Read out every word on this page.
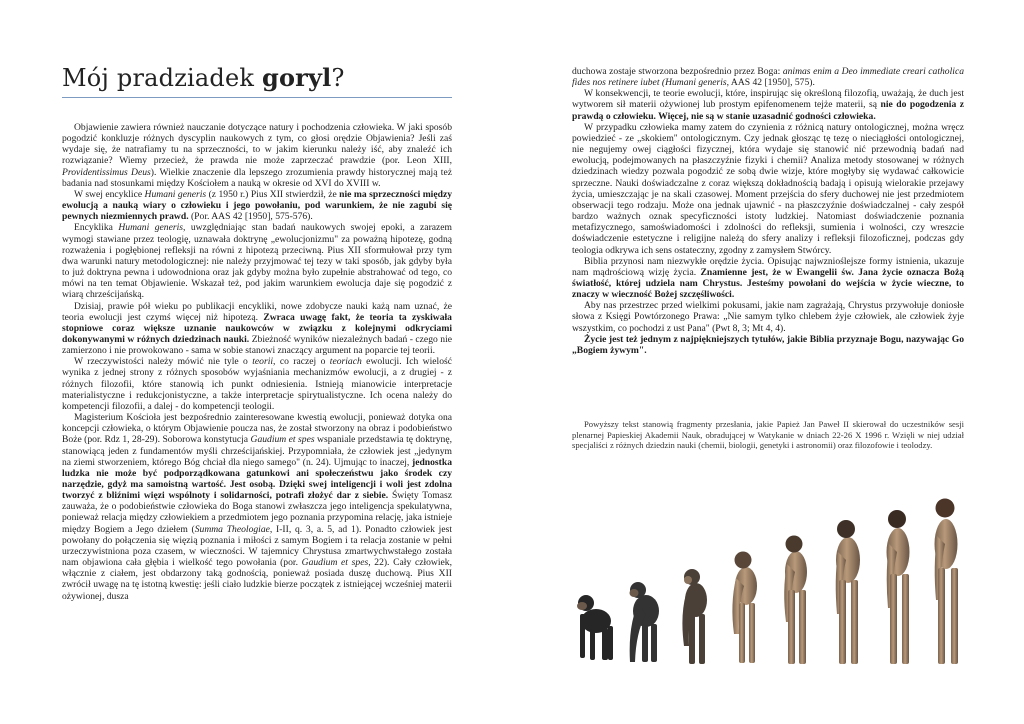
Mój pradziadek goryl?

Objawienie zawiera również nauczanie dotyczące natury i pochodzenia człowieka. W jaki sposób pogodzić konkluzje różnych dyscyplin naukowych z tym, co głosi orędzie Objawienia? Jeśli zaś wydaje się, że natrafiamy tu na sprzeczności, to w jakim kierunku należy iść, aby znaleźć ich rozwiązanie? Wiemy przecież, że prawda nie może zaprzeczać prawdzie (por. Leon XIII, Providentissimus Deus). Wielkie znaczenie dla lepszego zrozumienia prawdy historycznej mają też badania nad stosunkami między Kościołem a nauką w okresie od XVI do XVIII w.

W swej encyklice Humani generis (z 1950 r.) Pius XII stwierdził, że nie ma sprzeczności między ewolucją a nauką wiary o człowieku i jego powołaniu, pod warunkiem, że nie zagubi się pewnych niezmiennych prawd. (Por. AAS 42 [1950], 575-576).

Encyklika Humani generis, uwzględniając stan badań naukowych swojej epoki, a zarazem wymogi stawiane przez teologię, uznawała doktrynę „ewolucjonizmu" za poważną hipotezę, godną rozważenia i pogłębionej refleksji na równi z hipotezą przeciwną. Pius XII sformułował przy tym dwa warunki natury metodologicznej: nie należy przyjmować tej tezy w taki sposób, jak gdyby była to już doktryna pewna i udowodniona oraz jak gdyby można było zupełnie abstrahować od tego, co mówi na ten temat Objawienie. Wskazał też, pod jakim warunkiem ewolucja daje się pogodzić z wiarą chrześcijańską.

Dzisiaj, prawie pół wieku po publikacji encykliki, nowe zdobycze nauki każą nam uznać, że teoria ewolucji jest czymś więcej niż hipotezą. Zwraca uwagę fakt, że teoria ta zyskiwała stopniowe coraz większe uznanie naukowców w związku z kolejnymi odkryciami dokonywanymi w różnych dziedzinach nauki. Zbieżność wyników niezależnych badań - czego nie zamierzono i nie prowokowano - sama w sobie stanowi znaczący argument na poparcie tej teorii.

W rzeczywistości należy mówić nie tyle o teorii, co raczej o teoriach ewolucji. Ich wielość wynika z jednej strony z różnych sposobów wyjaśniania mechanizmów ewolucji, a z drugiej - z różnych filozofii, które stanowią ich punkt odniesienia. Istnieją mianowicie interpretacje materialistyczne i redukcjonistyczne, a także interpretacje spirytualistyczne. Ich ocena należy do kompetencji filozofii, a dalej - do kompetencji teologii.

Magisterium Kościoła jest bezpośrednio zainteresowane kwestią ewolucji, ponieważ dotyka ona koncepcji człowieka, o którym Objawienie poucza nas, że został stworzony na obraz i podobieństwo Boże (por. Rdz 1, 28-29). Soborowa konstytucja Gaudium et spes wspaniale przedstawia tę doktrynę, stanowiącą jeden z fundamentów myśli chrześcijańskiej. Przypomniała, że człowiek jest „jedynym na ziemi stworzeniem, którego Bóg chciał dla niego samego" (n. 24). Ujmując to inaczej, jednostka ludzka nie może być podporządkowana gatunkowi ani społeczeństwu jako środek czy narzędzie, gdyż ma samoistną wartość. Jest osobą. Dzięki swej inteligencji i woli jest zdolna tworzyć z bliźnimi więzi wspólnoty i solidarności, potrafi złożyć dar z siebie. Święty Tomasz zauważa, że o podobieństwie człowieka do Boga stanowi zwłaszcza jego inteligencja spekulatywna, ponieważ relacja między człowiekiem a przedmiotem jego poznania przypomina relację, jaka istnieje między Bogiem a Jego dziełem (Summa Theologiae, I-II, q. 3, a. 5, ad 1). Ponadto człowiek jest powołany do połączenia się więzią poznania i miłości z samym Bogiem i ta relacja zostanie w pełni urzeczywistniona poza czasem, w wieczności. W tajemnicy Chrystusa zmartwychwstałego została nam objawiona cała głębia i wielkość tego powołania (por. Gaudium et spes, 22). Cały człowiek, włącznie z ciałem, jest obdarzony taką godnością, ponieważ posiada duszę duchową. Pius XII zwrócił uwagę na tę istotną kwestię: jeśli ciało ludzkie bierze początek z istniejącej wcześniej materii ożywionej, dusza

duchowa zostaje stworzona bezpośrednio przez Boga: animas enim a Deo immediate creari catholica fides nos retinere iubet (Humani generis, AAS 42 [1950], 575).

W konsekwencji, te teorie ewolucji, które, inspirując się określoną filozofią, uważają, że duch jest wytworem sił materii ożywionej lub prostym epifenomenem tejże materii, są nie do pogodzenia z prawdą o człowieku. Więcej, nie są w stanie uzasadnić godności człowieka.

W przypadku człowieka mamy zatem do czynienia z różnicą natury ontologicznej, można wręcz powiedzieć - ze „skokiem" ontologicznym. Czy jednak głosząc tę tezę o nieciągłości ontologicznej, nie negujemy owej ciągłości fizycznej, która wydaje się stanowić nić przewodnią badań nad ewolucją, podejmowanych na płaszczyźnie fizyki i chemii? Analiza metody stosowanej w różnych dziedzinach wiedzy pozwala pogodzić ze sobą dwie wizje, które mogłyby się wydawać całkowicie sprzeczne. Nauki doświadczalne z coraz większą dokładnością badają i opisują wielorakie przejawy życia, umieszczając je na skali czasowej. Moment przejścia do sfery duchowej nie jest przedmiotem obserwacji tego rodzaju. Może ona jednak ujawnić - na płaszczyźnie doświadczalnej - cały zespół bardzo ważnych oznak specyficzności istoty ludzkiej. Natomiast doświadczenie poznania metafizycznego, samoświadomości i zdolności do refleksji, sumienia i wolności, czy wreszcie doświadczenie estetyczne i religijne należą do sfery analizy i refleksji filozoficznej, podczas gdy teologia odkrywa ich sens ostateczny, zgodny z zamysłem Stwórcy.

Biblia przynosi nam niezwykłe orędzie życia. Opisując najwznioślejsze formy istnienia, ukazuje nam mądrościową wizję życia. Znamienne jest, że w Ewangelii św. Jana życie oznacza Bożą światłość, której udziela nam Chrystus. Jesteśmy powołani do wejścia w życie wieczne, to znaczy w wieczność Bożej szczęśliwości.

Aby nas przestrzec przed wielkimi pokusami, jakie nam zagrażają, Chrystus przywołuje doniosłe słowa z Księgi Powtórzonego Prawa: „Nie samym tylko chlebem żyje człowiek, ale człowiek żyje wszystkim, co pochodzi z ust Pana" (Pwt 8, 3; Mt 4, 4).

Życie jest też jednym z najpiękniejszych tytułów, jakie Biblia przyznaje Bogu, nazywając Go „Bogiem żywym".

Powyższy tekst stanowią fragmenty przesłania, jakie Papież Jan Paweł II skierował do uczestników sesji plenarnej Papieskiej Akademii Nauk, obradującej w Watykanie w dniach 22-26 X 1996 r. Wzięli w niej udział specjaliści z różnych dziedzin nauki (chemii, biologii, genetyki i astronomii) oraz filozofowie i teolodzy.
